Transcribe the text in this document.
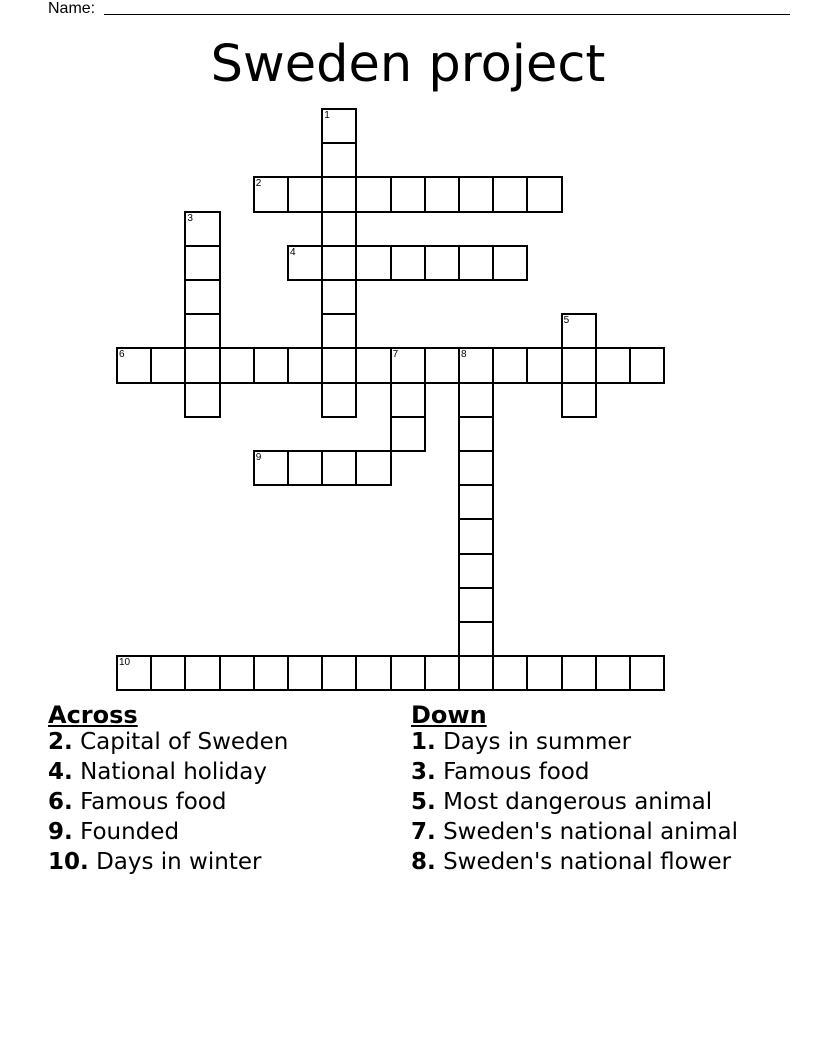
Name:
Sweden project
2
4
6	7	8
9
10
1
3
5
Across
2. Capital of Sweden
4. National holiday
6. Famous food
9. Founded
10. Days in winter
Down
1. Days in summer
3. Famous food
5. Most dangerous animal
7. Sweden's national animal
8. Sweden's national flower
